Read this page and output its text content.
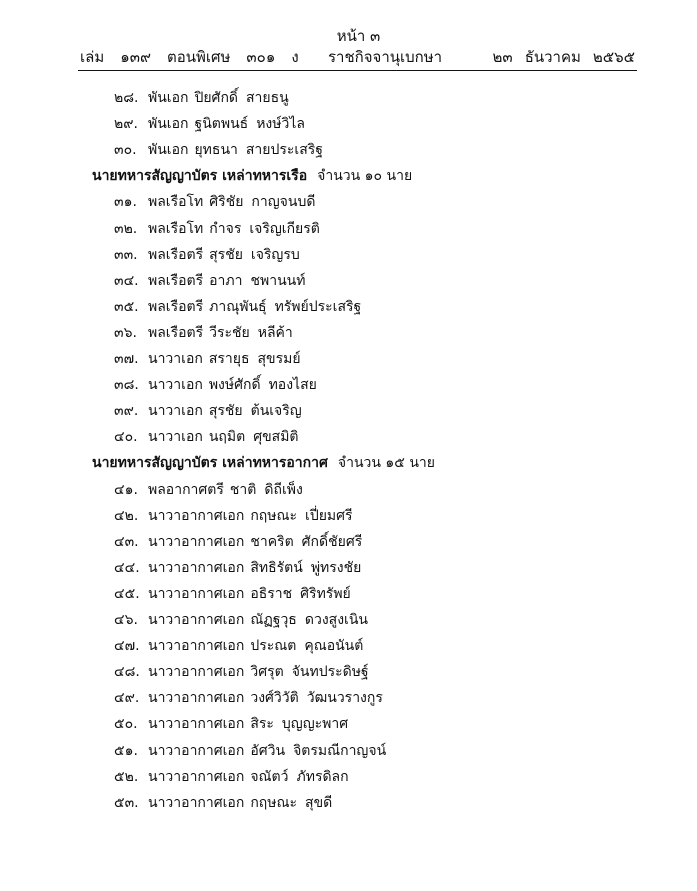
หน้า ๓
เล่ม ๑๓๙ ตอนพิเศษ ๓๐๑ ง ราชกิจจานุเบกษา	๒๓ ธันวาคม ๒๕๖๕
๒๘. พันเอก ปิยศักดิ์ สายธนู
๒๙. พันเอก ฐนิตพนธ์ หงษ์วิไล
๓๐. พันเอก ยุทธนา สายประเสริฐ
นายทหารสัญญาบัตร เหล่าทหารเรือ จำนวน ๑๐ นาย
๓๑. พลเรือโท ศิริชัย กาญจนบดี
๓๒. พลเรือโท กำจร เจริญเกียรติ
๓๓. พลเรือตรี สุรชัย เจริญรบ
๓๔. พลเรือตรี อาภา ชพานนท์
๓๕. พลเรือตรี ภาณุพันธุ์ ทรัพย์ประเสริฐ
๓๖. พลเรือตรี วีระชัย หลีค้า
๓๗. นาวาเอก สรายุธ สุขรมย์
๓๘. นาวาเอก พงษ์ศักดิ์ ทองไสย
๓๙. นาวาเอก สุรชัย ต้นเจริญ
๔๐. นาวาเอก นฤมิต ศุขสมิติ
นายทหารสัญญาบัตร เหล่าทหารอากาศ จำนวน ๑๕ นาย
๔๑. พลอากาศตรี ชาติ ดิถีเพ็ง
๔๒. นาวาอากาศเอก กฤษณะ เปี่ยมศรี
๔๓. นาวาอากาศเอก ชาคริต ศักดิ์ชัยศรี
๔๔. นาวาอากาศเอก สิทธิรัตน์ พู่ทรงชัย
๔๕. นาวาอากาศเอก อธิราช ศิริทรัพย์
๔๖. นาวาอากาศเอก ณัฏฐวุธ ดวงสูงเนิน
๔๗. นาวาอากาศเอก ประณต คุณอนันต์
๔๘. นาวาอากาศเอก วิศรุต จันทประดิษฐ์
๔๙. นาวาอากาศเอก วงศ์วิวัติ วัฒนวรางกูร
๕๐. นาวาอากาศเอก สิระ บุญญะพาศ
๕๑. นาวาอากาศเอก อัศวิน จิตรมณีกาญจน์
๕๒. นาวาอากาศเอก จณัตว์ ภัทรดิลก
๕๓. นาวาอากาศเอก กฤษณะ สุขดี
